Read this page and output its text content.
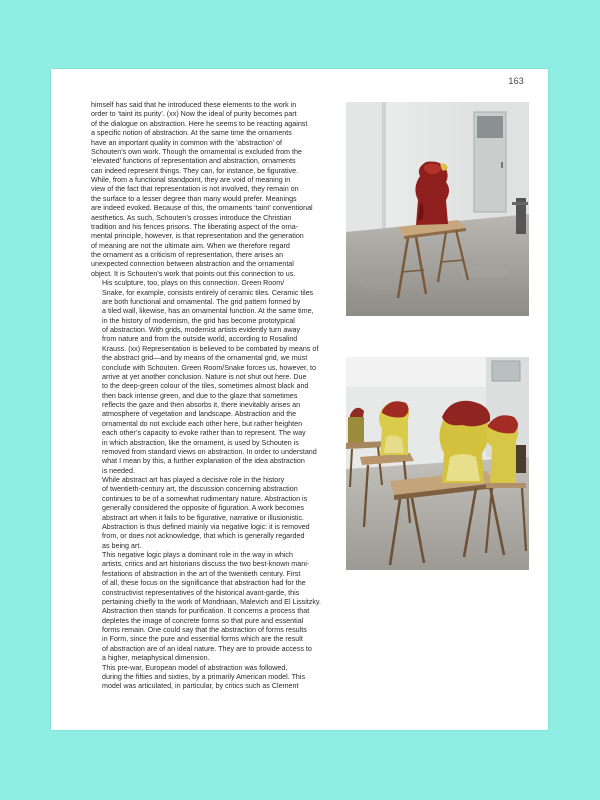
163

himself has said that he introduced these elements to the work in
order to ‘taint its purity’. (xx) Now the ideal of purity becomes part
of the dialogue on abstraction. Here he seems to be reacting against
a specific notion of abstraction. At the same time the ornaments
have an important quality in common with the ‘abstraction’ of
Schouten’s own work. Though the ornamental is excluded from the
‘elevated’ functions of representation and abstraction, ornaments
can indeed represent things. They can, for instance, be figurative.
While, from a functional standpoint, they are void of meaning in
view of the fact that representation is not involved, they remain on
the surface to a lesser degree than many would prefer. Meanings
are indeed evoked. Because of this, the ornaments ‘taint’ conventional
aesthetics. As such, Schouten’s crosses introduce the Christian
tradition and his fences prisons. The liberating aspect of the orna-
mental principle, however, is that representation and the generation
of meaning are not the ultimate aim. When we therefore regard
the ornament as a criticism of representation, there arises an
unexpected connection between abstraction and the ornamental
object. It is Schouten’s work that points out this connection to us.

His sculpture, too, plays on this connection. Green Room/
Snake, for example, consists entirely of ceramic tiles. Ceramic tiles
are both functional and ornamental. The grid pattern formed by
a tiled wall, likewise, has an ornamental function. At the same time,
in the history of modernism, the grid has become prototypical
of abstraction. With grids, modernist artists evidently turn away
from nature and from the outside world, according to Rosalind
Krauss. (xx) Representation is believed to be combated by means of
the abstract grid—and by means of the ornamental grid, we must
conclude with Schouten. Green Room/Snake forces us, however, to
arrive at yet another conclusion. Nature is not shut out here. Due
to the deep-green colour of the tiles, sometimes almost black and
then back intense green, and due to the glaze that sometimes
reflects the gaze and then absorbs it, there inevitably arises an
atmosphere of vegetation and landscape. Abstraction and the
ornamental do not exclude each other here, but rather heighten
each other’s capacity to evoke rather than to represent. The way
in which abstraction, like the ornament, is used by Schouten is
removed from standard views on abstraction. In order to understand
what I mean by this, a further explanation of the idea abstraction
is needed.

While abstract art has played a decisive role in the history
of twentieth-century art, the discussion concerning abstraction
continues to be of a somewhat rudimentary nature. Abstraction is
generally considered the opposite of figuration. A work becomes
abstract art when it fails to be figurative, narrative or illusionistic.
Abstraction is thus defined mainly via negative logic: it is removed
from, or does not acknowledge, that which is generally regarded
as being art.

This negative logic plays a dominant role in the way in which
artists, critics and art historians discuss the two best-known mani-
festations of abstraction in the art of the twentieth century. First
of all, these focus on the significance that abstraction had for the
constructivist representatives of the historical avant-garde, this
pertaining chiefly to the work of Mondriaan, Malevich and El Lissitzky.
Abstraction then stands for purification. It concerns a process that
depletes the image of concrete forms so that pure and essential
forms remain. One could say that the abstraction of forms results
in Form, since the pure and essential forms which are the result
of abstraction are of an ideal nature. They are to provide access to
a higher, metaphysical dimension.

This pre-war, European model of abstraction was followed,
during the fifties and sixties, by a primarily American model. This
model was articulated, in particular, by critics such as Clement
